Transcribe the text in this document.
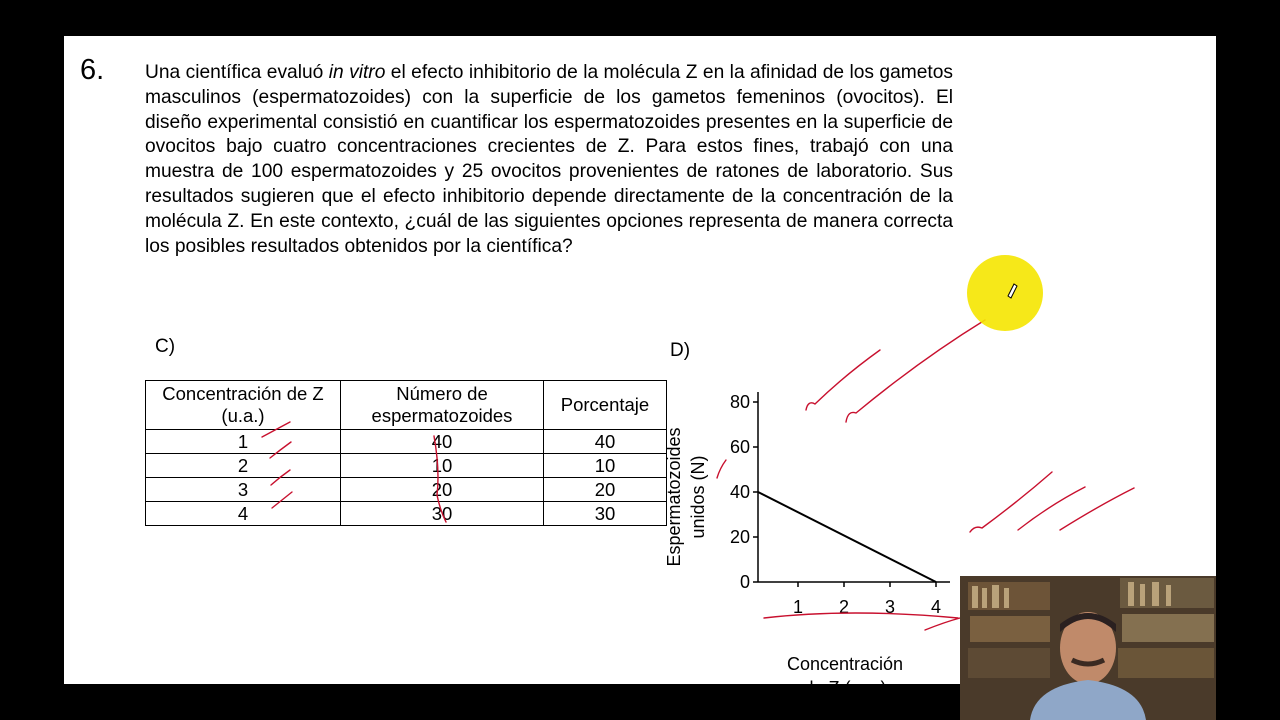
6. Una científica evaluó in vitro el efecto inhibitorio de la molécula Z en la afinidad de los gametos masculinos (espermatozoides) con la superficie de los gametos femeninos (ovocitos). El diseño experimental consistió en cuantificar los espermatozoides presentes en la superficie de ovocitos bajo cuatro concentraciones crecientes de Z. Para estos fines, trabajó con una muestra de 100 espermatozoides y 25 ovocitos provenientes de ratones de laboratorio. Sus resultados sugieren que el efecto inhibitorio depende directamente de la concentración de la molécula Z. En este contexto, ¿cuál de las siguientes opciones representa de manera correcta los posibles resultados obtenidos por la científica?
C)
Concentración de Z (u.a.)	Número de espermatozoides	Porcentaje
1	40	40
2	10	10
3	20	20
4	30	30
D)
Espermatozoides unidos (N)
0
20
40
60
80
1 2 3 4
Concentración
de Z (u.a.)
